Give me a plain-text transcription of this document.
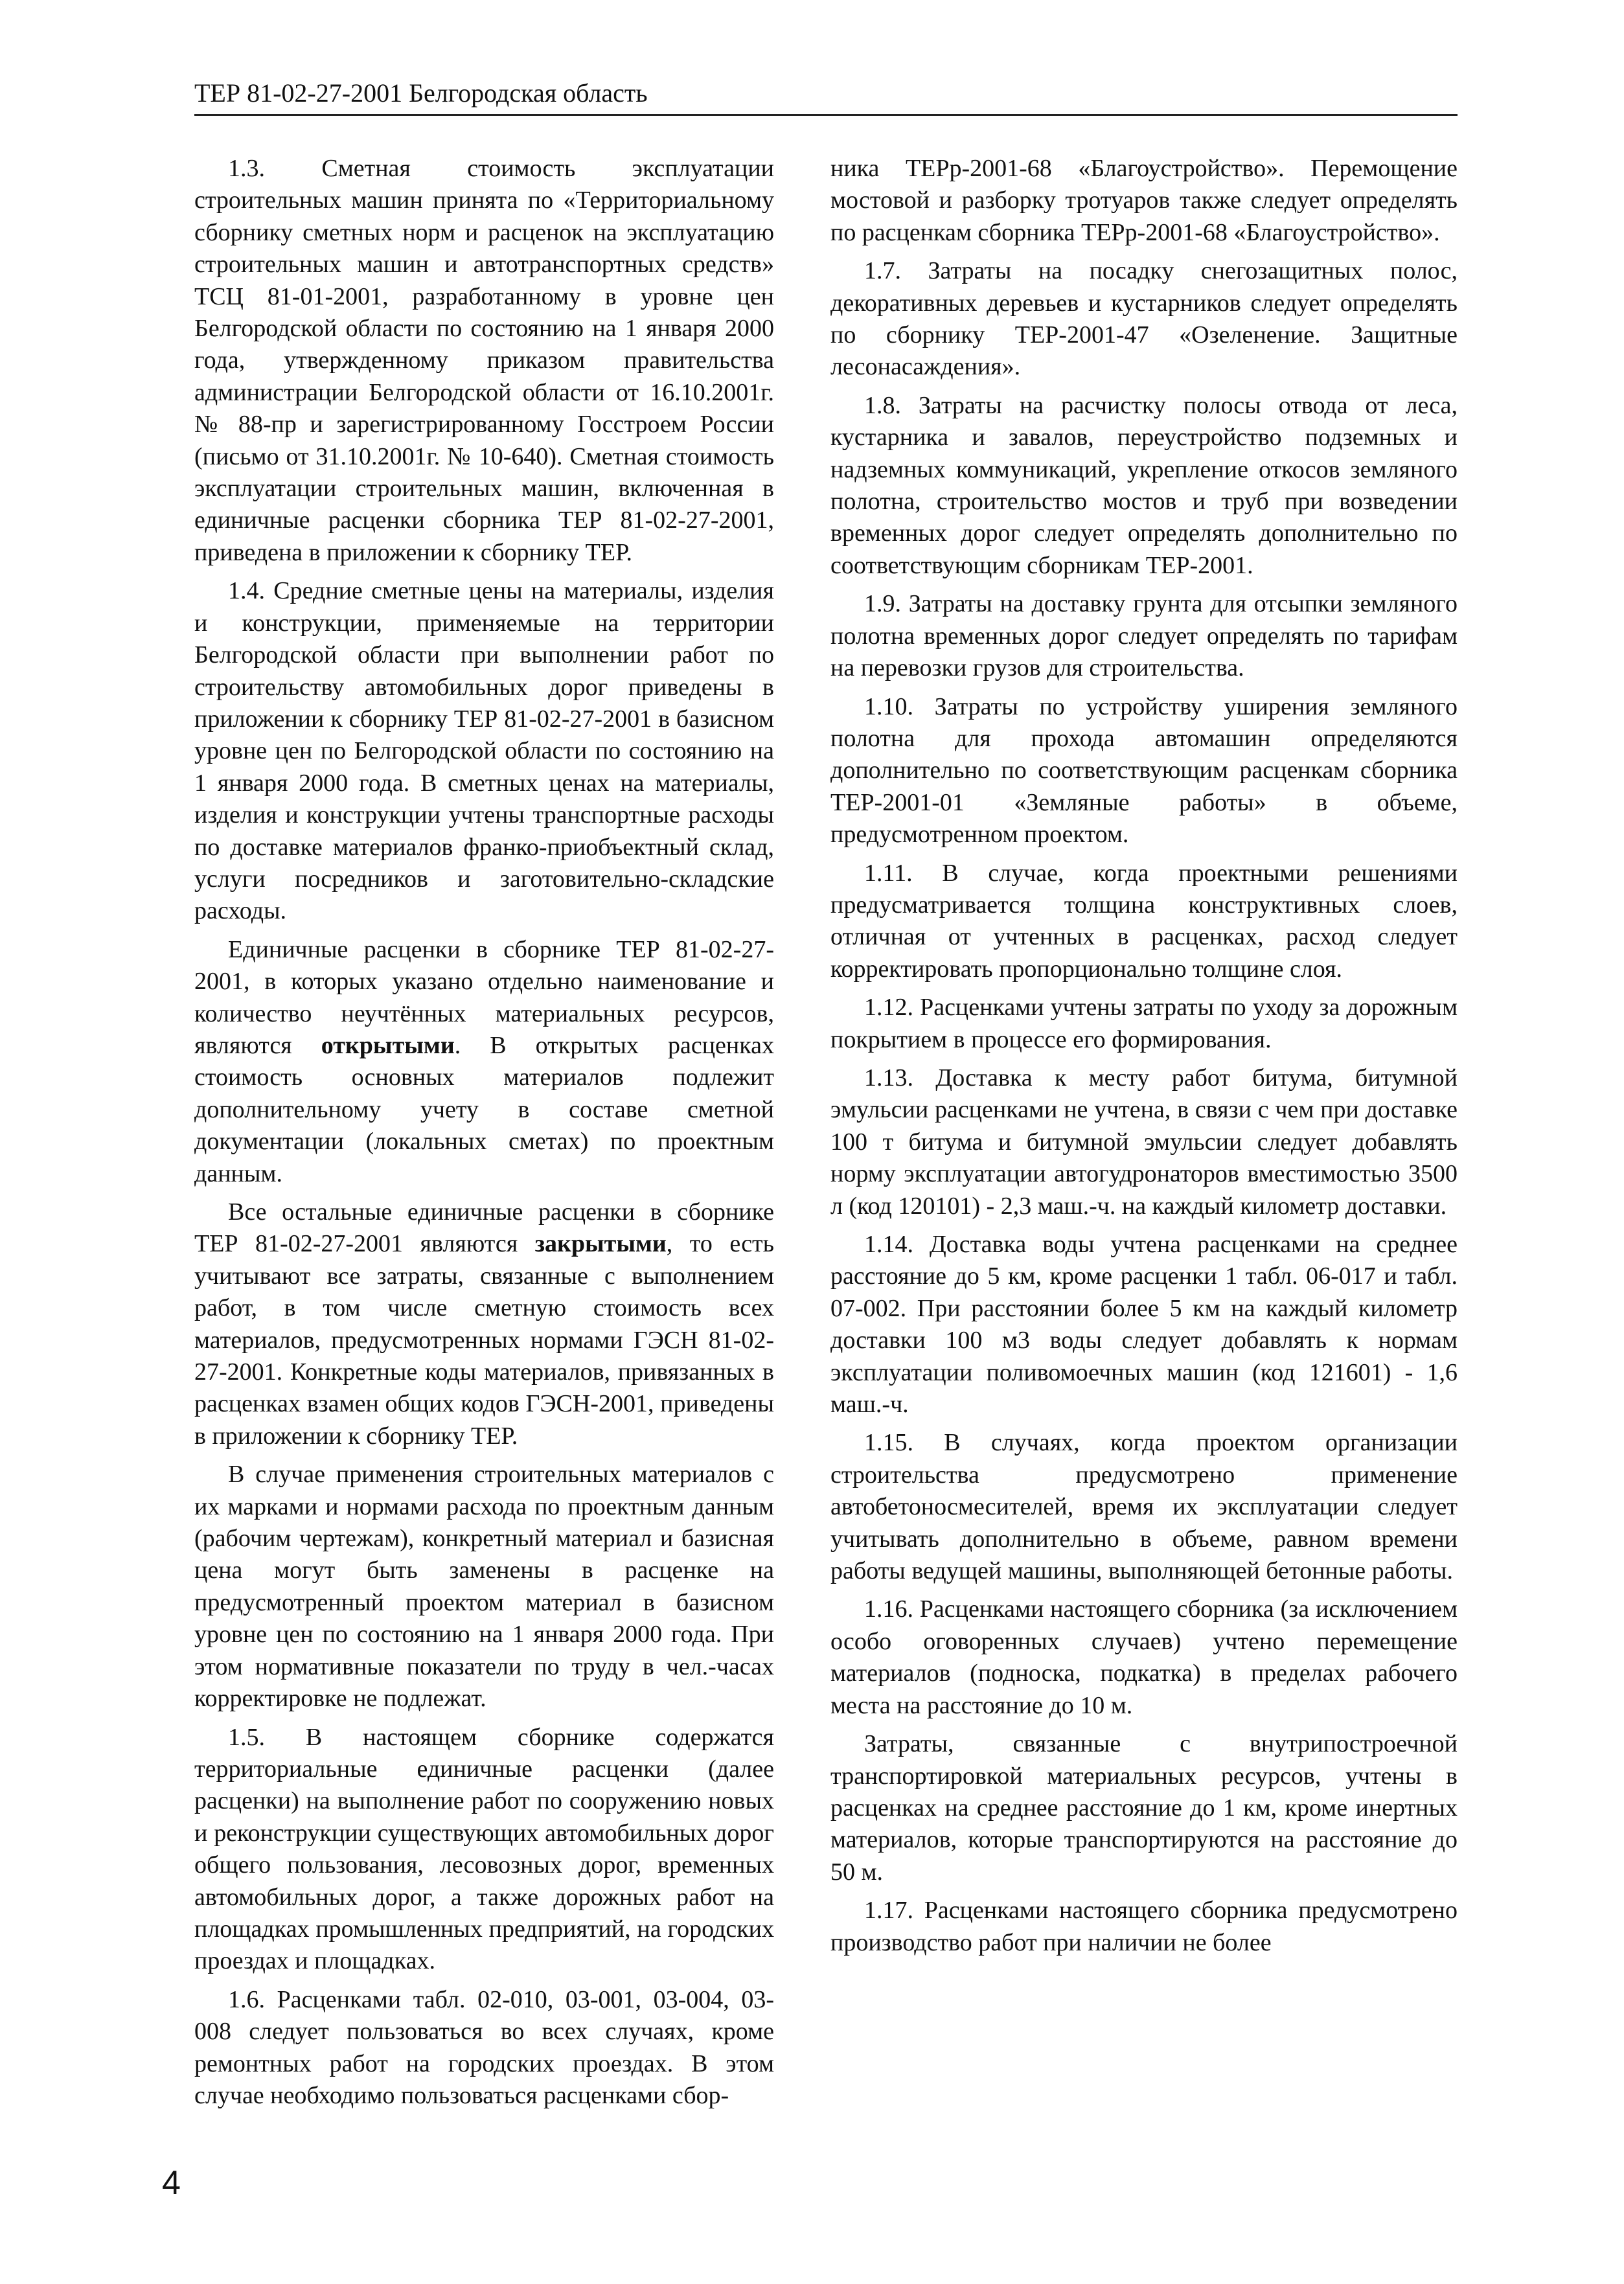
ТЕР 81-02-27-2001 Белгородская область

1.3. Сметная стоимость эксплуатации строительных машин принята по «Территориальному сборнику сметных норм и расценок на эксплуатацию строительных машин и автотранспортных средств» ТСЦ 81-01-2001, разработанному в уровне цен Белгородской области по состоянию на 1 января 2000 года, утвержденному приказом правительства администрации Белгородской области от 16.10.2001г. № 88-пр и зарегистрированному Госстроем России (письмо от 31.10.2001г. № 10-640). Сметная стоимость эксплуатации строительных машин, включенная в единичные расценки сборника ТЕР 81-02-27-2001, приведена в приложении к сборнику ТЕР.

1.4. Средние сметные цены на материалы, изделия и конструкции, применяемые на территории Белгородской области при выполнении работ по строительству автомобильных дорог приведены в приложении к сборнику ТЕР 81-02-27-2001 в базисном уровне цен по Белгородской области по состоянию на 1 января 2000 года. В сметных ценах на материалы, изделия и конструкции учтены транспортные расходы по доставке материалов франко-приобъектный склад, услуги посредников и заготовительно-складские расходы.

Единичные расценки в сборнике ТЕР 81-02-27-2001, в которых указано отдельно наименование и количество неучтённых материальных ресурсов, являются открытыми. В открытых расценках стоимость основных материалов подлежит дополнительному учету в составе сметной документации (локальных сметах) по проектным данным.

Все остальные единичные расценки в сборнике ТЕР 81-02-27-2001 являются закрытыми, то есть учитывают все затраты, связанные с выполнением работ, в том числе сметную стоимость всех материалов, предусмотренных нормами ГЭСН 81-02-27-2001. Конкретные коды материалов, привязанных в расценках взамен общих кодов ГЭСН-2001, приведены в приложении к сборнику ТЕР.

В случае применения строительных материалов с их марками и нормами расхода по проектным данным (рабочим чертежам), конкретный материал и базисная цена могут быть заменены в расценке на предусмотренный проектом материал в базисном уровне цен по состоянию на 1 января 2000 года. При этом нормативные показатели по труду в чел.-часах корректировке не подлежат.

1.5. В настоящем сборнике содержатся территориальные единичные расценки (далее расценки) на выполнение работ по сооружению новых и реконструкции существующих автомобильных дорог общего пользования, лесовозных дорог, временных автомобильных дорог, а также дорожных работ на площадках промышленных предприятий, на городских проездах и площадках.

1.6. Расценками табл. 02-010, 03-001, 03-004, 03-008 следует пользоваться во всех случаях, кроме ремонтных работ на городских проездах. В этом случае необходимо пользоваться расценками сбор-

ника ТЕРр-2001-68 «Благоустройство». Перемощение мостовой и разборку тротуаров также следует определять по расценкам сборника ТЕРр-2001-68 «Благоустройство».

1.7. Затраты на посадку снегозащитных полос, декоративных деревьев и кустарников следует определять по сборнику ТЕР-2001-47 «Озеленение. Защитные лесонасаждения».

1.8. Затраты на расчистку полосы отвода от леса, кустарника и завалов, переустройство подземных и надземных коммуникаций, укрепление откосов земляного полотна, строительство мостов и труб при возведении временных дорог следует определять дополнительно по соответствующим сборникам ТЕР-2001.

1.9. Затраты на доставку грунта для отсыпки земляного полотна временных дорог следует определять по тарифам на перевозки грузов для строительства.

1.10. Затраты по устройству уширения земляного полотна для прохода автомашин определяются дополнительно по соответствующим расценкам сборника ТЕР-2001-01 «Земляные работы» в объеме, предусмотренном проектом.

1.11. В случае, когда проектными решениями предусматривается толщина конструктивных слоев, отличная от учтенных в расценках, расход следует корректировать пропорционально толщине слоя.

1.12. Расценками учтены затраты по уходу за дорожным покрытием в процессе его формирования.

1.13. Доставка к месту работ битума, битумной эмульсии расценками не учтена, в связи с чем при доставке 100 т битума и битумной эмульсии следует добавлять норму эксплуатации автогудронаторов вместимостью 3500 л (код 120101) - 2,3 маш.-ч. на каждый километр доставки.

1.14. Доставка воды учтена расценками на среднее расстояние до 5 км, кроме расценки 1 табл. 06-017 и табл. 07-002. При расстоянии более 5 км на каждый километр доставки 100 м3 воды следует добавлять к нормам эксплуатации поливомоечных машин (код 121601) - 1,6 маш.-ч.

1.15. В случаях, когда проектом организации строительства предусмотрено применение автобетоносмесителей, время их эксплуатации следует учитывать дополнительно в объеме, равном времени работы ведущей машины, выполняющей бетонные работы.

1.16. Расценками настоящего сборника (за исключением особо оговоренных случаев) учтено перемещение материалов (подноска, подкатка) в пределах рабочего места на расстояние до 10 м.

Затраты, связанные с внутрипостроечной транспортировкой материальных ресурсов, учтены в расценках на среднее расстояние до 1 км, кроме инертных материалов, которые транспортируются на расстояние до 50 м.

1.17. Расценками настоящего сборника предусмотрено производство работ при наличии не более

4
